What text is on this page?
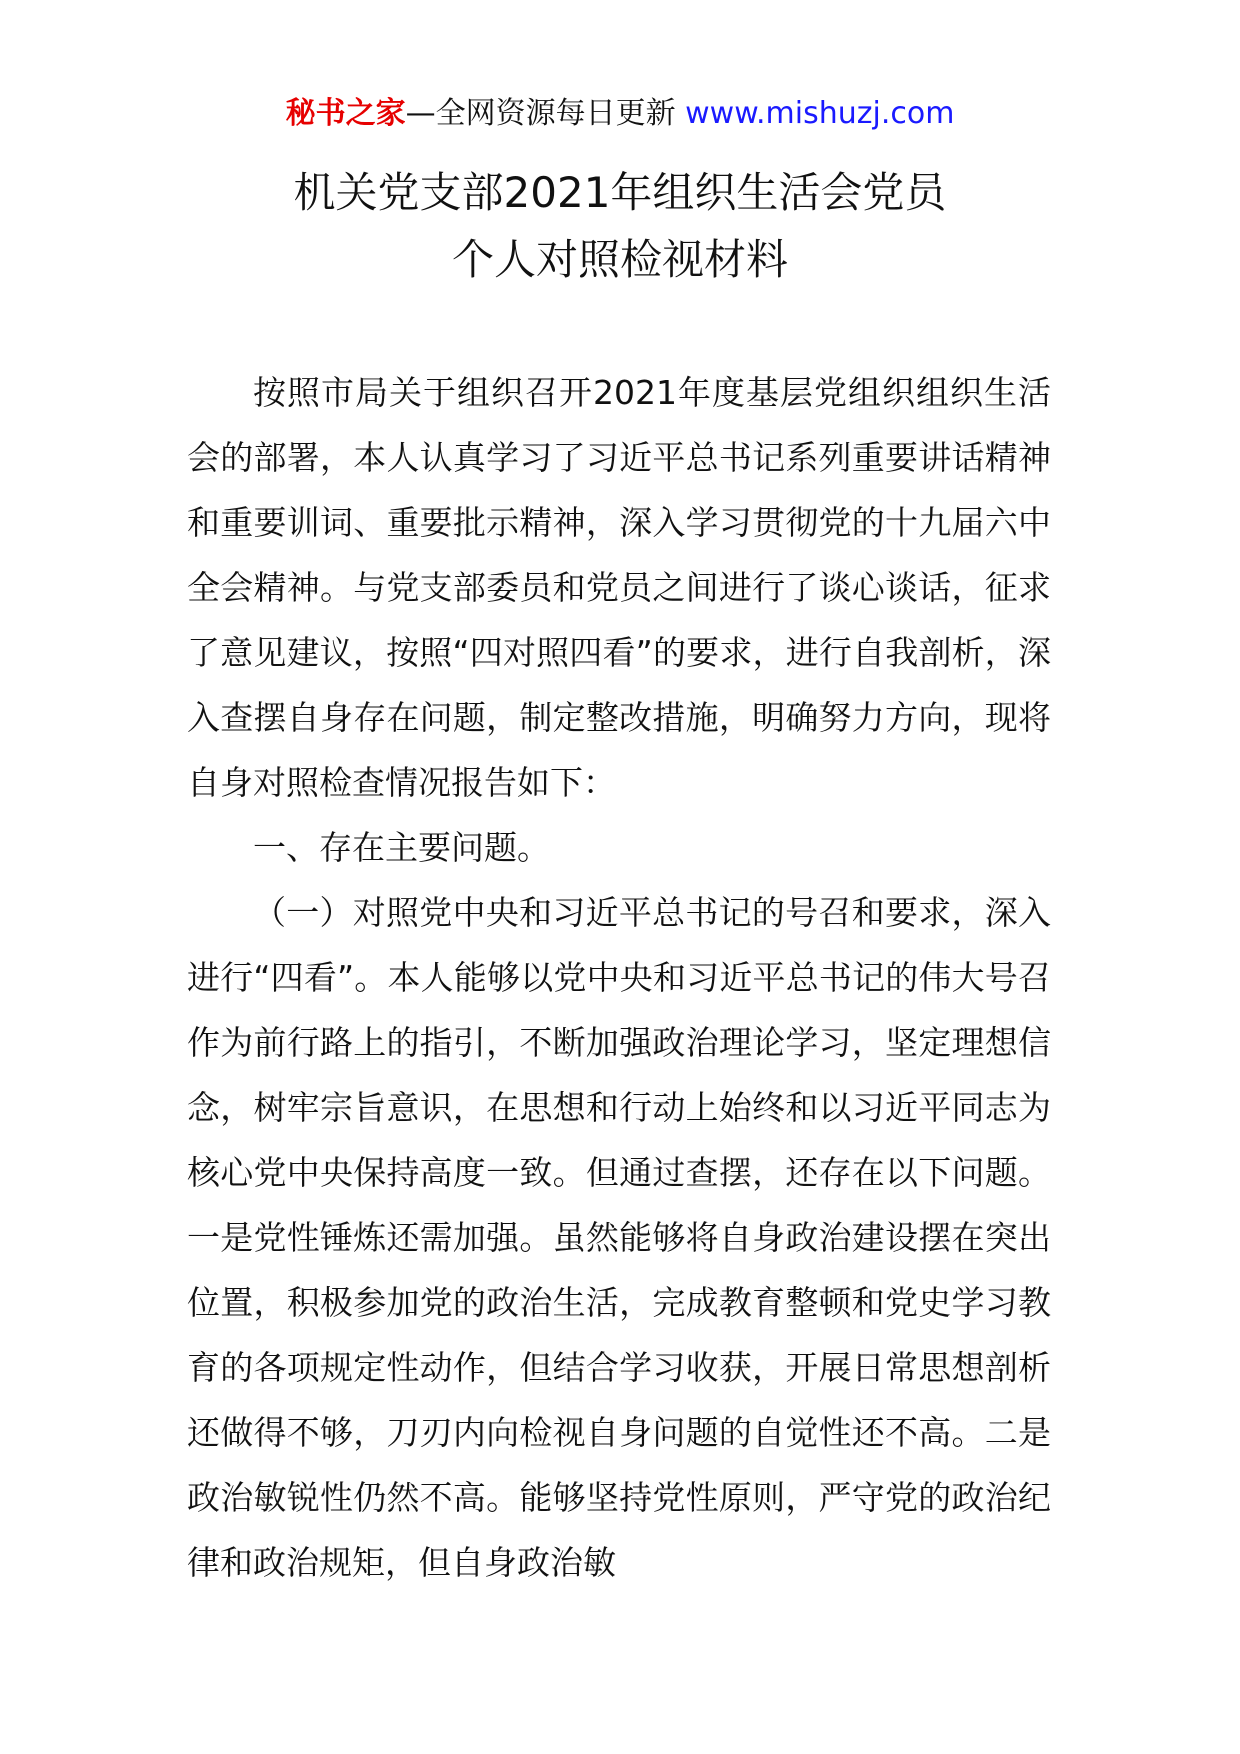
秘书之家—全网资源每日更新 www.mishuzj.com
机关党支部2021年组织生活会党员
个人对照检视材料

按照市局关于组织召开2021年度基层党组织组织生活会的部署，本人认真学习了习近平总书记系列重要讲话精神和重要训词、重要批示精神，深入学习贯彻党的十九届六中全会精神。与党支部委员和党员之间进行了谈心谈话，征求了意见建议，按照“四对照四看”的要求，进行自我剖析，深入查摆自身存在问题，制定整改措施，明确努力方向，现将自身对照检查情况报告如下：

一、存在主要问题。

（一）对照党中央和习近平总书记的号召和要求，深入进行“四看”。本人能够以党中央和习近平总书记的伟大号召作为前行路上的指引，不断加强政治理论学习，坚定理想信念，树牢宗旨意识，在思想和行动上始终和以习近平同志为核心党中央保持高度一致。但通过查摆，还存在以下问题。一是党性锤炼还需加强。虽然能够将自身政治建设摆在突出位置，积极参加党的政治生活，完成教育整顿和党史学习教育的各项规定性动作，但结合学习收获，开展日常思想剖析还做得不够，刀刃内向检视自身问题的自觉性还不高。二是政治敏锐性仍然不高。能够坚持党性原则，严守党的政治纪律和政治规矩，但自身政治敏
